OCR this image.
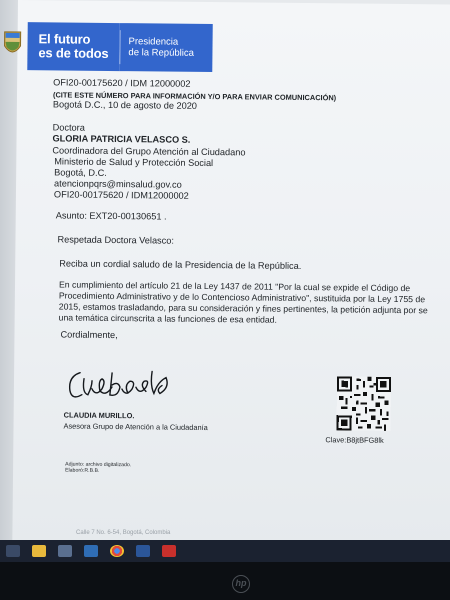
El futuro
es de todos
Presidencia
de la República
OFI20-00175620 / IDM 12000002
(CITE ESTE NÚMERO PARA INFORMACIÓN Y/O PARA ENVIAR COMUNICACIÓN)
Bogotá D.C., 10 de agosto de 2020
Doctora
GLORIA PATRICIA VELASCO S.
Coordinadora del Grupo Atención al Ciudadano
Ministerio de Salud y Protección Social
Bogotá, D.C.
atencionpqrs@minsalud.gov.co
OFI20-00175620 / IDM12000002
Asunto: EXT20-00130651 .
Respetada Doctora Velasco:
Reciba un cordial saludo de la Presidencia de la República.
En cumplimiento del artículo 21 de la Ley 1437 de 2011 "Por la cual se expide el Código de
Procedimiento Administrativo y de lo Contencioso Administrativo", sustituida por la Ley 1755 de
2015, estamos trasladando, para su consideración y fines pertinentes, la petición adjunta por se
una temática circunscrita a las funciones de esa entidad.
Cordialmente,
CLAUDIA MURILLO.
Asesora Grupo de Atención a la Ciudadanía
Clave:B8jtBFG8lk
Adjunto: archivo digitalizado.
Elaboró:R.B.B.
Calle 7 No. 6-54, Bogotá, Colombia
hp
